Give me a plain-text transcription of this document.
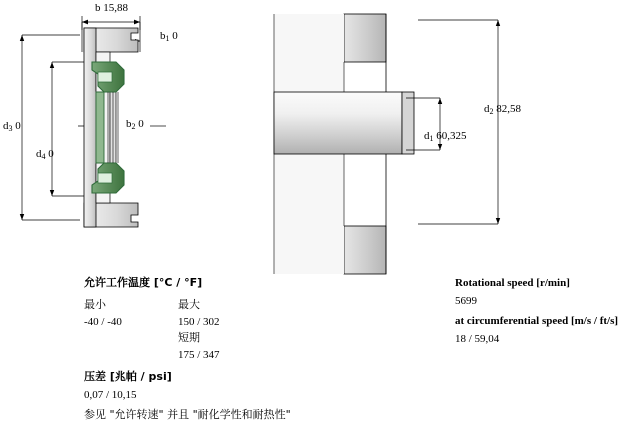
b 15,88
$b_1$ 0
$d_3$ 0
$d_4$ 0
$b_2$ 0
$d_2$ 82,58
$d_1$ 60,325
允许工作温度 [°C / °F]
最小	最大
-40 / -40	150 / 302
短期
175 / 347
压差 [兆帕 / psi]
0,07 / 10,15
参见 "允许转速" 并且 "耐化学性和耐热性"
Rotational speed [r/min]
5699
at circumferential speed [m/s / ft/s]
18 / 59,04
